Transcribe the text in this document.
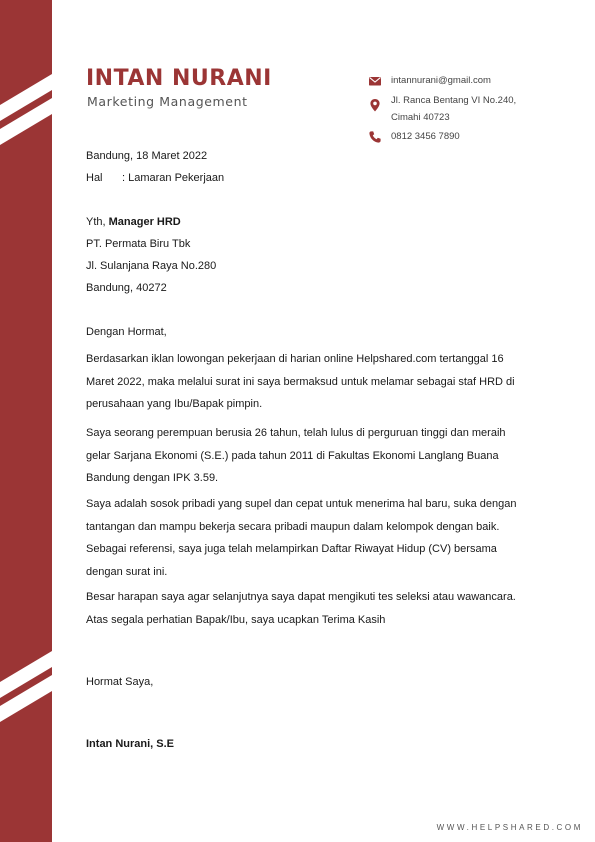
INTAN NURANI
Marketing Management
intannurani@gmail.com
Jl. Ranca Bentang VI No.240,
Cimahi 40723
0812 3456 7890
Bandung, 18 Maret 2022
Hal : Lamaran Pekerjaan
Yth, Manager HRD
PT. Permata Biru Tbk
Jl. Sulanjana Raya No.280
Bandung, 40272
Dengan Hormat,

Berdasarkan iklan lowongan pekerjaan di harian online Helpshared.com tertanggal 16 Maret 2022, maka melalui surat ini saya bermaksud untuk melamar sebagai staf HRD di perusahaan yang Ibu/Bapak pimpin.

Saya seorang perempuan berusia 26 tahun, telah lulus di perguruan tinggi dan meraih gelar Sarjana Ekonomi (S.E.) pada tahun 2011 di Fakultas Ekonomi Langlang Buana Bandung dengan IPK 3.59.

Saya adalah sosok pribadi yang supel dan cepat untuk menerima hal baru, suka dengan tantangan dan mampu bekerja secara pribadi maupun dalam kelompok dengan baik. Sebagai referensi, saya juga telah melampirkan Daftar Riwayat Hidup (CV) bersama dengan surat ini.

Besar harapan saya agar selanjutnya saya dapat mengikuti tes seleksi atau wawancara. Atas segala perhatian Bapak/Ibu, saya ucapkan Terima Kasih

Hormat Saya,
Intan Nurani, S.E
WWW.HELPSHARED.COM
